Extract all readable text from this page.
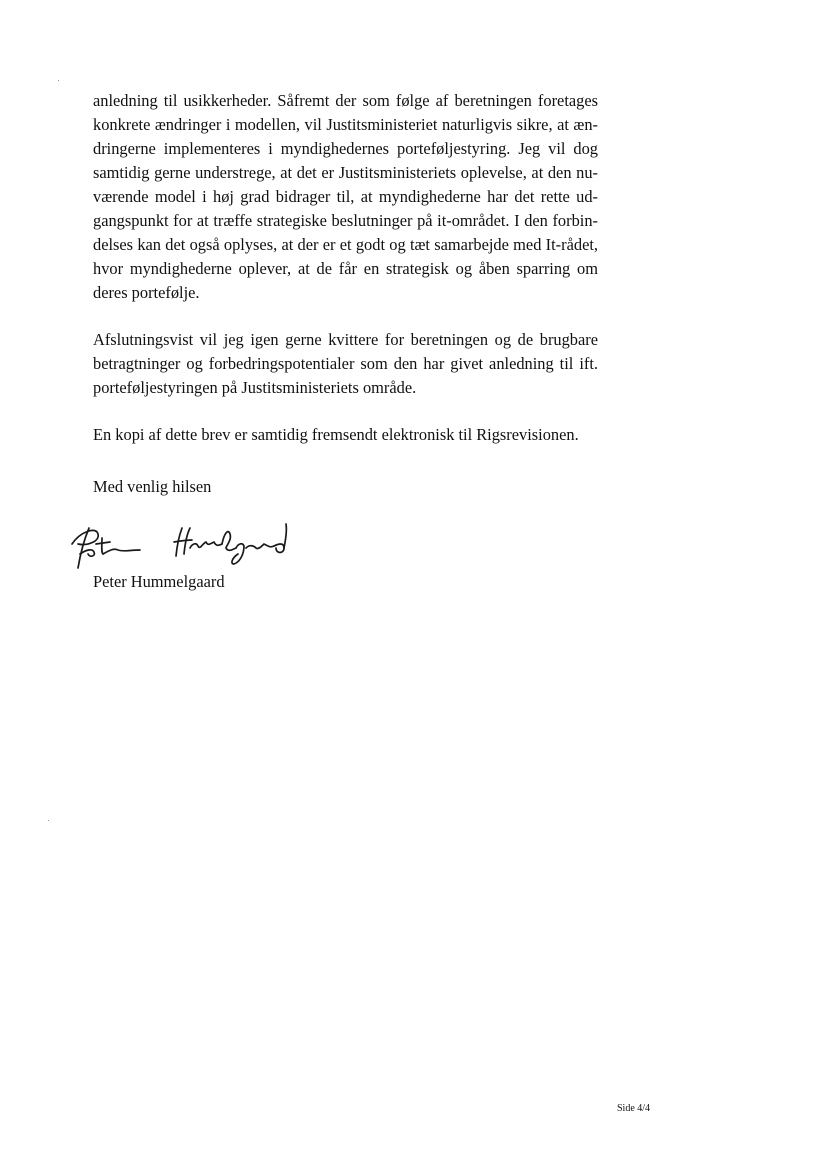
anledning til usikkerheder. Såfremt der som følge af beretningen foretages
konkrete ændringer i modellen, vil Justitsministeriet naturligvis sikre, at æn-
dringerne implementeres i myndighedernes porteføljestyring. Jeg vil dog
samtidig gerne understrege, at det er Justitsministeriets oplevelse, at den nu-
værende model i høj grad bidrager til, at myndighederne har det rette ud-
gangspunkt for at træffe strategiske beslutninger på it-området. I den forbin-
delses kan det også oplyses, at der er et godt og tæt samarbejde med It-rådet,
hvor myndighederne oplever, at de får en strategisk og åben sparring om
deres portefølje.

Afslutningsvist vil jeg igen gerne kvittere for beretningen og de brugbare
betragtninger og forbedringspotentialer som den har givet anledning til ift.
porteføljestyringen på Justitsministeriets område.

En kopi af dette brev er samtidig fremsendt elektronisk til Rigsrevisionen.

Med venlig hilsen

Peter Hummelgaard

Side 4/4
